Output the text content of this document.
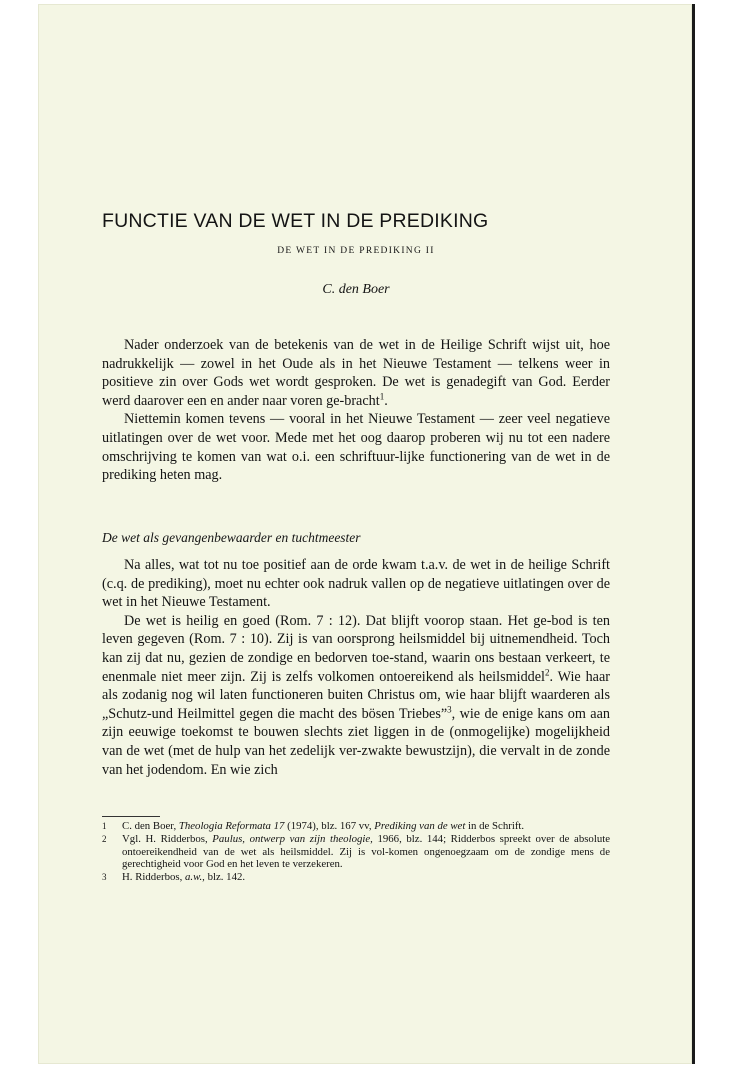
FUNCTIE VAN DE WET IN DE PREDIKING
DE WET IN DE PREDIKING II
C. den Boer

Nader onderzoek van de betekenis van de wet in de Heilige Schrift wijst uit, hoe nadrukkelijk — zowel in het Oude als in het Nieuwe Testament — telkens weer in positieve zin over Gods wet wordt gesproken. De wet is genadegift van God. Eerder werd daarover een en ander naar voren ge-bracht$^1$.

Niettemin komen tevens — vooral in het Nieuwe Testament — zeer veel negatieve uitlatingen over de wet voor. Mede met het oog daarop proberen wij nu tot een nadere omschrijving te komen van wat o.i. een schriftuur-lijke functionering van de wet in de prediking heten mag.

De wet als gevangenbewaarder en tuchtmeester

Na alles, wat tot nu toe positief aan de orde kwam t.a.v. de wet in de heilige Schrift (c.q. de prediking), moet nu echter ook nadruk vallen op de negatieve uitlatingen over de wet in het Nieuwe Testament.

De wet is heilig en goed (Rom. 7 : 12). Dat blijft voorop staan. Het ge-bod is ten leven gegeven (Rom. 7 : 10). Zij is van oorsprong heilsmiddel bij uitnemendheid. Toch kan zij dat nu, gezien de zondige en bedorven toe-stand, waarin ons bestaan verkeert, te enenmale niet meer zijn. Zij is zelfs volkomen ontoereikend als heilsmiddel$^2$. Wie haar als zodanig nog wil laten functioneren buiten Christus om, wie haar blijft waarderen als „Schutz-und Heilmittel gegen die macht des bösen Triebes”$^3$, wie de enige kans om aan zijn eeuwige toekomst te bouwen slechts ziet liggen in de (onmogelijke) mogelijkheid van de wet (met de hulp van het zedelijk ver-zwakte bewustzijn), die vervalt in de zonde van het jodendom. En wie zich

1 C. den Boer, Theologia Reformata 17 (1974), blz. 167 vv, Prediking van de wet in de Schrift.
2 Vgl. H. Ridderbos, Paulus, ontwerp van zijn theologie, 1966, blz. 144; Ridderbos spreekt over de absolute ontoereikendheid van de wet als heilsmiddel. Zij is vol-komen ongenoegzaam om de zondige mens de gerechtigheid voor God en het leven te verzekeren.
3 H. Ridderbos, a.w., blz. 142.
